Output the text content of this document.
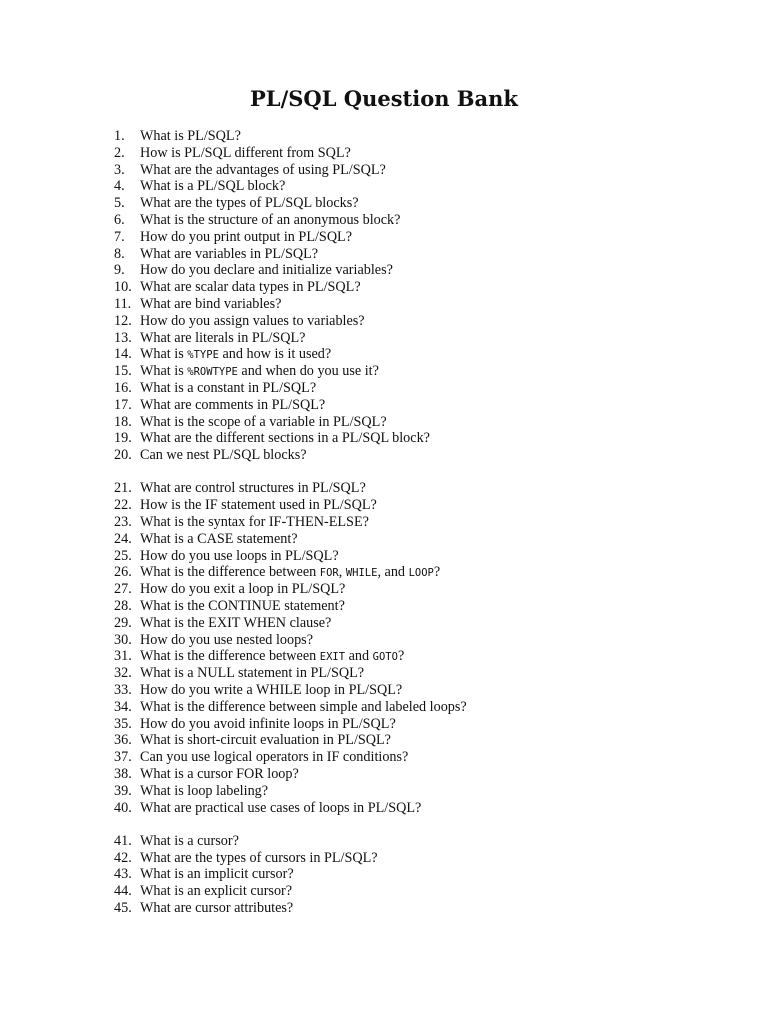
PL/SQL Question Bank
1.	What is PL/SQL?
2.	How is PL/SQL different from SQL?
3.	What are the advantages of using PL/SQL?
4.	What is a PL/SQL block?
5.	What are the types of PL/SQL blocks?
6.	What is the structure of an anonymous block?
7.	How do you print output in PL/SQL?
8.	What are variables in PL/SQL?
9.	How do you declare and initialize variables?
10. What are scalar data types in PL/SQL?
11. What are bind variables?
12. How do you assign values to variables?
13. What are literals in PL/SQL?
14. What is %TYPE and how is it used?
15. What is %ROWTYPE and when do you use it?
16. What is a constant in PL/SQL?
17. What are comments in PL/SQL?
18. What is the scope of a variable in PL/SQL?
19. What are the different sections in a PL/SQL block?
20. Can we nest PL/SQL blocks?
21. What are control structures in PL/SQL?
22. How is the IF statement used in PL/SQL?
23. What is the syntax for IF-THEN-ELSE?
24. What is a CASE statement?
25. How do you use loops in PL/SQL?
26. What is the difference between FOR, WHILE, and LOOP?
27. How do you exit a loop in PL/SQL?
28. What is the CONTINUE statement?
29. What is the EXIT WHEN clause?
30. How do you use nested loops?
31. What is the difference between EXIT and GOTO?
32. What is a NULL statement in PL/SQL?
33. How do you write a WHILE loop in PL/SQL?
34. What is the difference between simple and labeled loops?
35. How do you avoid infinite loops in PL/SQL?
36. What is short-circuit evaluation in PL/SQL?
37. Can you use logical operators in IF conditions?
38. What is a cursor FOR loop?
39. What is loop labeling?
40. What are practical use cases of loops in PL/SQL?
41. What is a cursor?
42. What are the types of cursors in PL/SQL?
43. What is an implicit cursor?
44. What is an explicit cursor?
45. What are cursor attributes?
